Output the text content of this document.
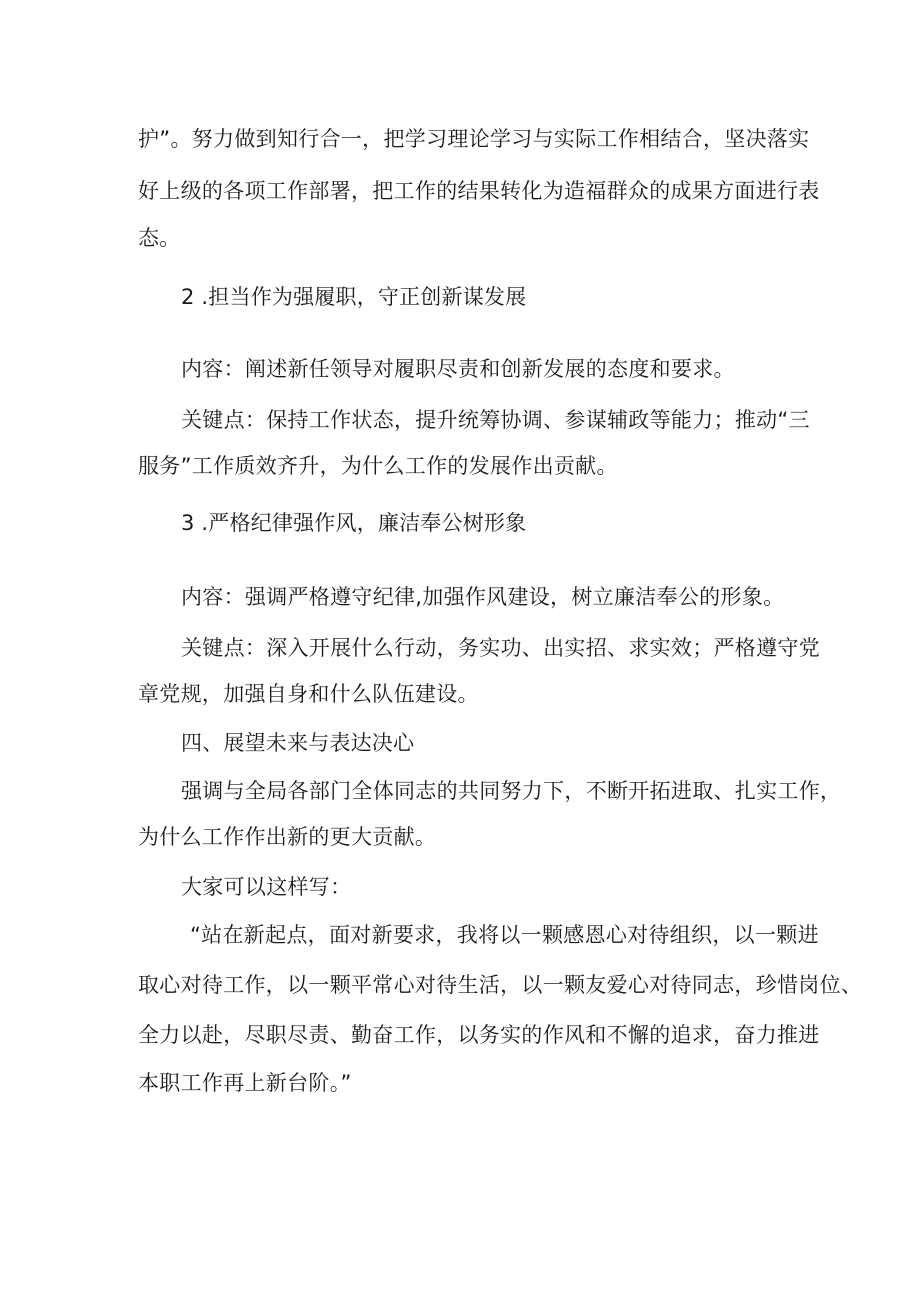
护”。努力做到知行合一，把学习理论学习与实际工作相结合，坚决落实
好上级的各项工作部署，把工作的结果转化为造福群众的成果方面进行表
态。
2 .担当作为强履职，守正创新谋发展
内容：阐述新任领导对履职尽责和创新发展的态度和要求。
关键点：保持工作状态，提升统筹协调、参谋辅政等能力；推动“三
服务”工作质效齐升，为什么工作的发展作出贡献。
3 .严格纪律强作风，廉洁奉公树形象
内容：强调严格遵守纪律,加强作风建设，树立廉洁奉公的形象。
关键点：深入开展什么行动，务实功、出实招、求实效；严格遵守党
章党规，加强自身和什么队伍建设。
四、展望未来与表达决心
强调与全局各部门全体同志的共同努力下，不断开拓进取、扎实工作，
为什么工作作出新的更大贡献。
大家可以这样写：
“站在新起点，面对新要求，我将以一颗感恩心对待组织，以一颗进
取心对待工作，以一颗平常心对待生活，以一颗友爱心对待同志，珍惜岗位、
全力以赴，尽职尽责、勤奋工作，以务实的作风和不懈的追求，奋力推进
本职工作再上新台阶。”
